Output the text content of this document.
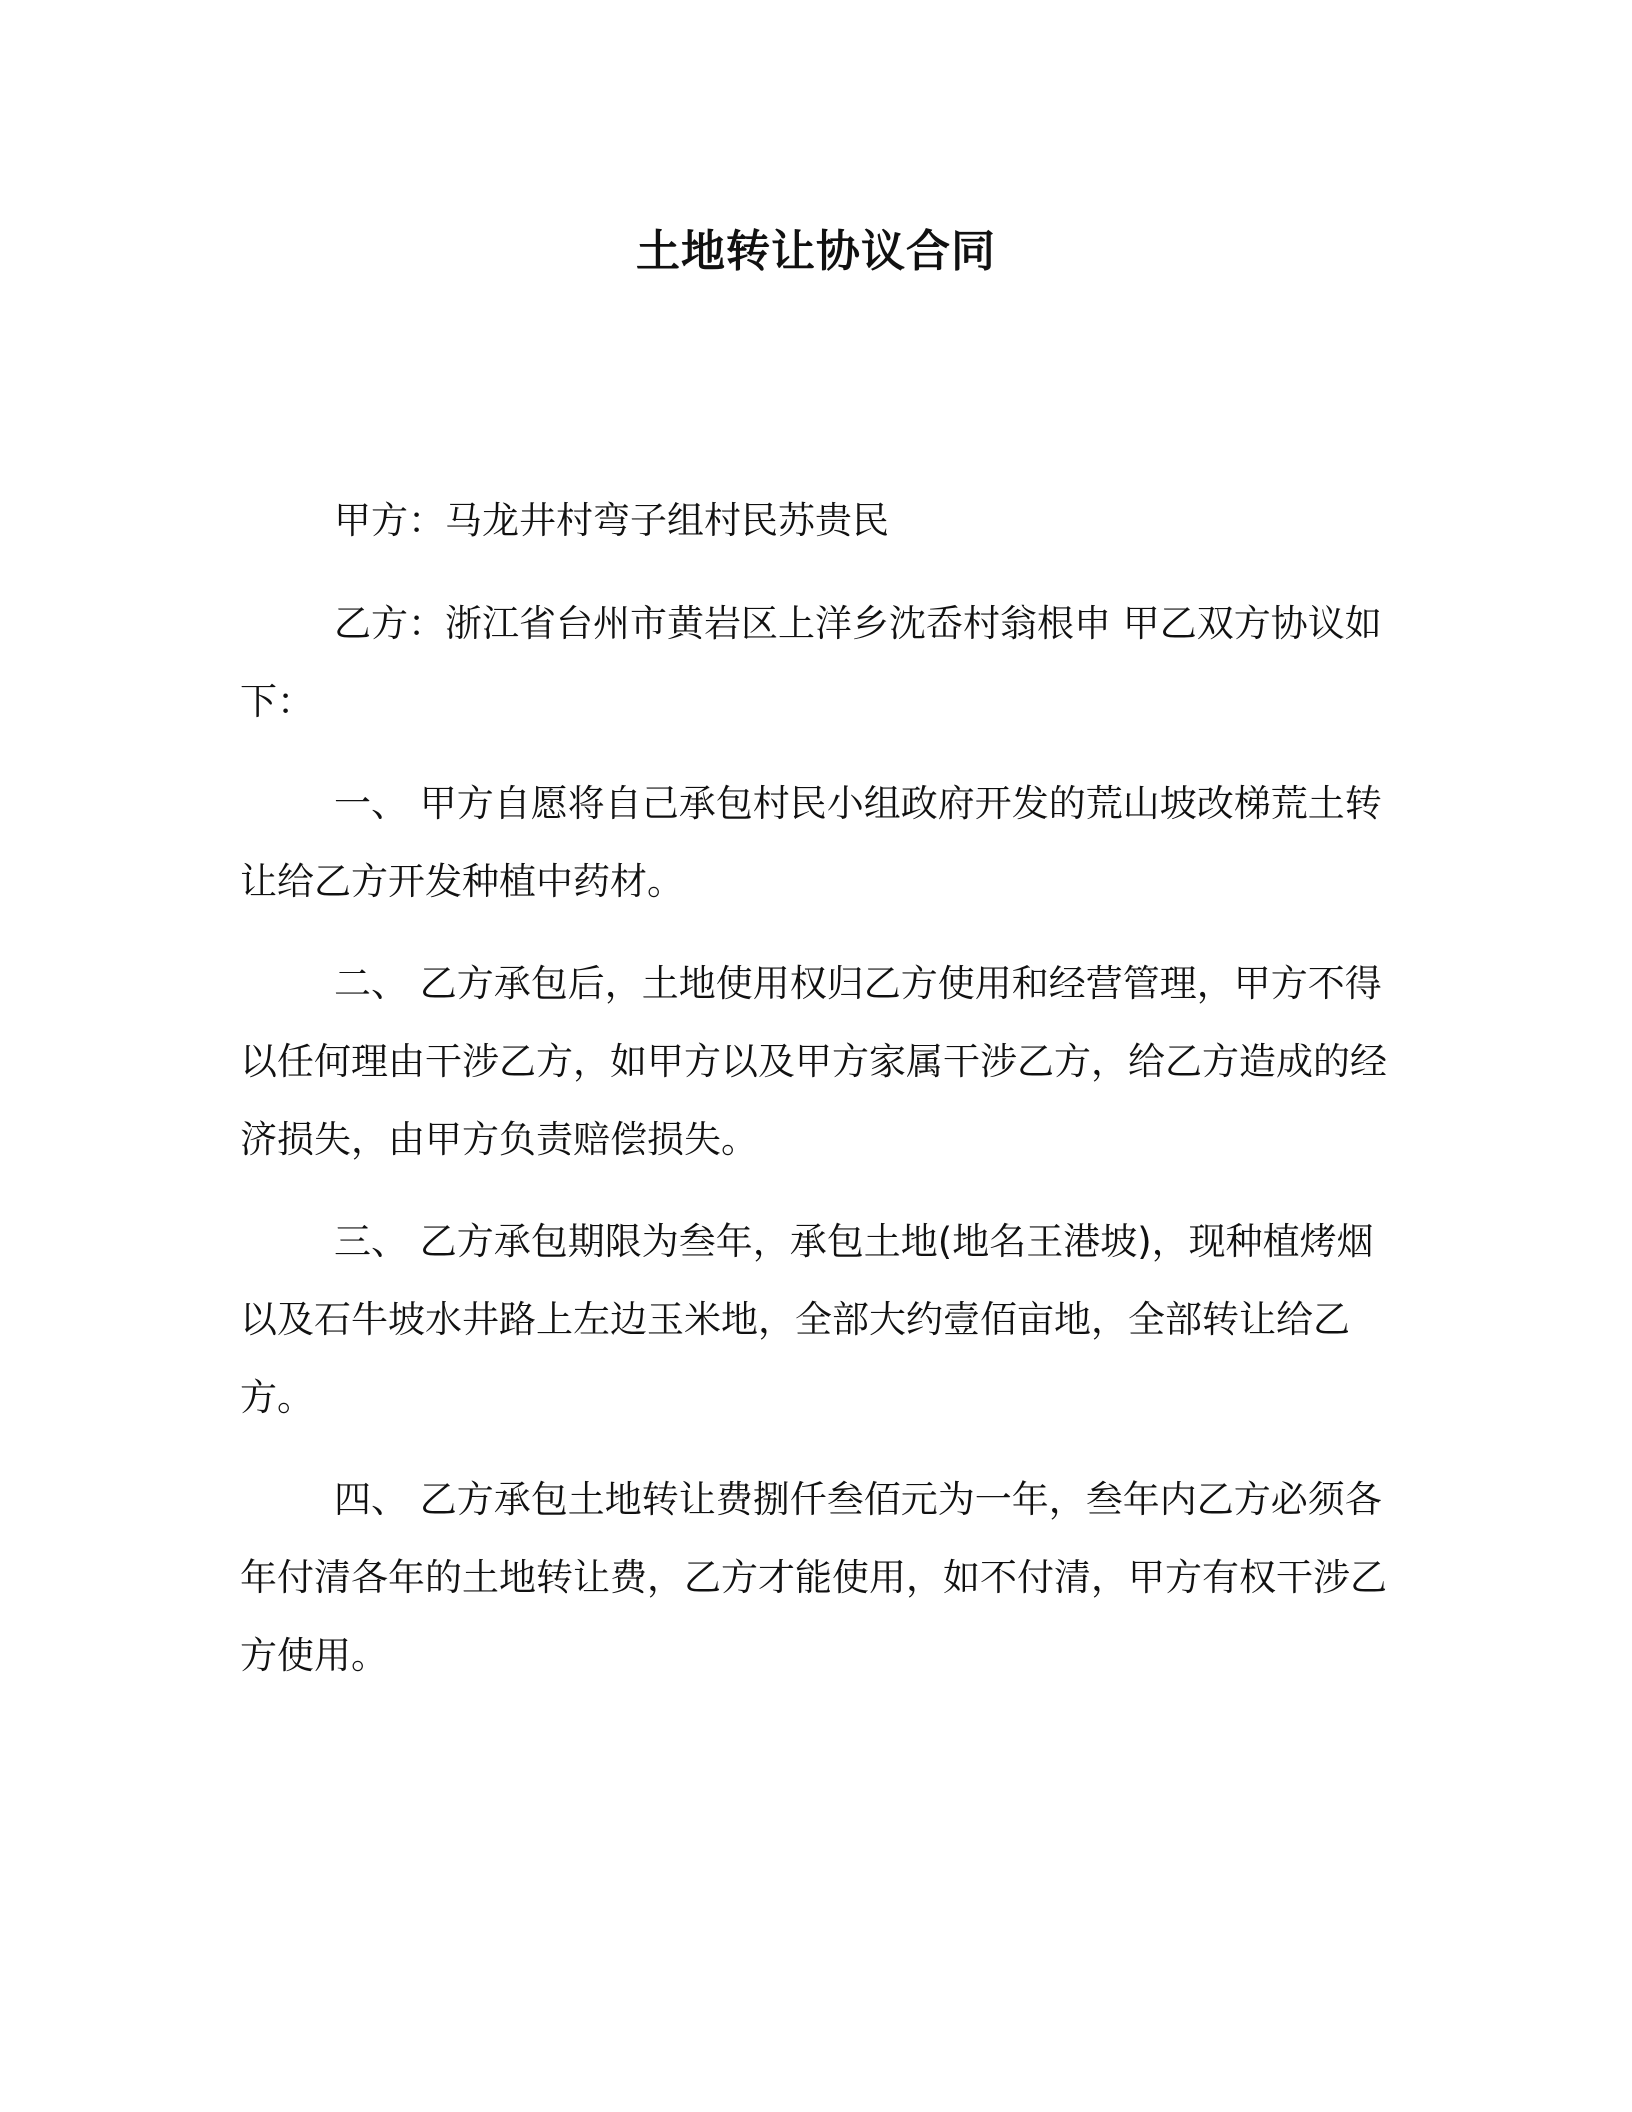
土地转让协议合同

甲方：马龙井村弯子组村民苏贵民

乙方：浙江省台州市黄岩区上洋乡沈岙村翁根申 甲乙双方协议如下：

一、 甲方自愿将自己承包村民小组政府开发的荒山坡改梯荒土转让给乙方开发种植中药材。

二、 乙方承包后，土地使用权归乙方使用和经营管理，甲方不得以任何理由干涉乙方，如甲方以及甲方家属干涉乙方，给乙方造成的经济损失，由甲方负责赔偿损失。

三、 乙方承包期限为叁年，承包土地(地名王港坡)，现种植烤烟以及石牛坡水井路上左边玉米地，全部大约壹佰亩地，全部转让给乙方。

四、 乙方承包土地转让费捌仟叁佰元为一年，叁年内乙方必须各年付清各年的土地转让费，乙方才能使用，如不付清，甲方有权干涉乙方使用。
